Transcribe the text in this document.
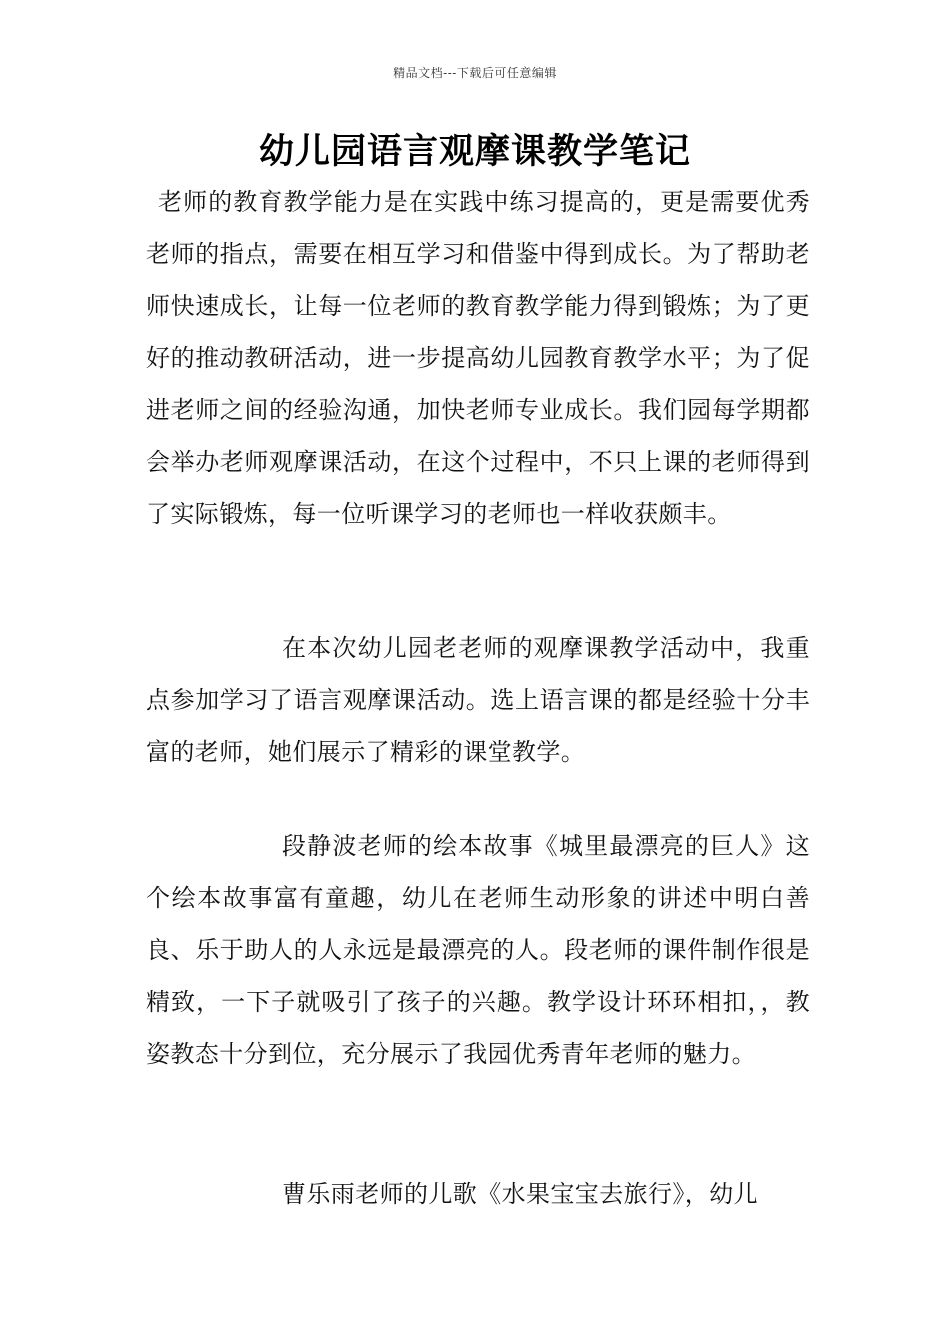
精品文档---下载后可任意编辑
幼儿园语言观摩课教学笔记

老师的教育教学能力是在实践中练习提高的，更是需要优秀老师的指点，需要在相互学习和借鉴中得到成长。为了帮助老师快速成长，让每一位老师的教育教学能力得到锻炼；为了更好的推动教研活动，进一步提高幼儿园教育教学水平；为了促进老师之间的经验沟通，加快老师专业成长。我们园每学期都会举办老师观摩课活动，在这个过程中，不只上课的老师得到了实际锻炼，每一位听课学习的老师也一样收获颇丰。

在本次幼儿园老老师的观摩课教学活动中，我重点参加学习了语言观摩课活动。选上语言课的都是经验十分丰富的老师，她们展示了精彩的课堂教学。

段静波老师的绘本故事《城里最漂亮的巨人》这个绘本故事富有童趣，幼儿在老师生动形象的讲述中明白善良、乐于助人的人永远是最漂亮的人。段老师的课件制作很是精致，一下子就吸引了孩子的兴趣。教学设计环环相扣，，教姿教态十分到位，充分展示了我园优秀青年老师的魅力。

曹乐雨老师的儿歌《水果宝宝去旅行》，幼儿
